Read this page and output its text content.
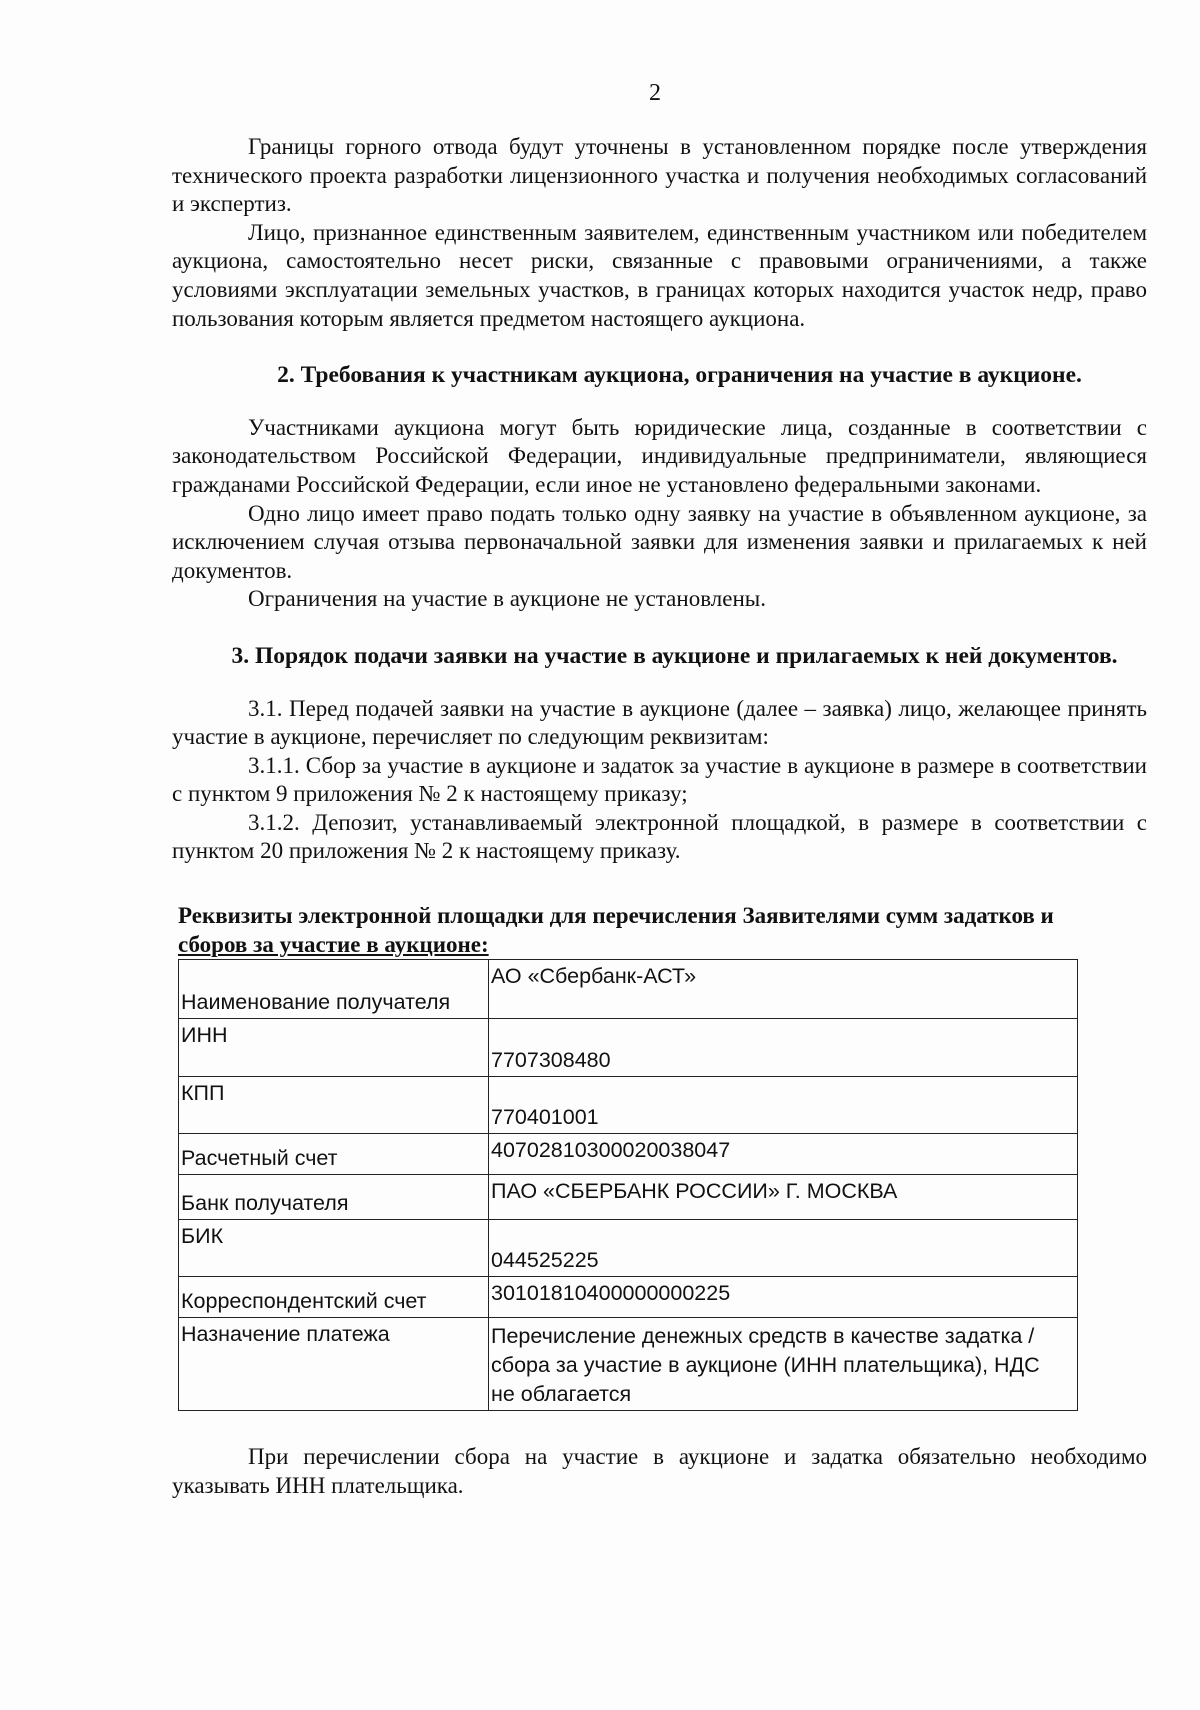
2

Границы горного отвода будут уточнены в установленном порядке после утверждения технического проекта разработки лицензионного участка и получения необходимых согласований и экспертиз.

Лицо, признанное единственным заявителем, единственным участником или победителем аукциона, самостоятельно несет риски, связанные с правовыми ограничениями, а также условиями эксплуатации земельных участков, в границах которых находится участок недр, право пользования которым является предметом настоящего аукциона.

2. Требования к участникам аукциона, ограничения на участие в аукционе.

Участниками аукциона могут быть юридические лица, созданные в соответствии с законодательством Российской Федерации, индивидуальные предприниматели, являющиеся гражданами Российской Федерации, если иное не установлено федеральными законами.

Одно лицо имеет право подать только одну заявку на участие в объявленном аукционе, за исключением случая отзыва первоначальной заявки для изменения заявки и прилагаемых к ней документов.

Ограничения на участие в аукционе не установлены.

3. Порядок подачи заявки на участие в аукционе и прилагаемых к ней документов.

3.1. Перед подачей заявки на участие в аукционе (далее – заявка) лицо, желающее принять участие в аукционе, перечисляет по следующим реквизитам:

3.1.1. Сбор за участие в аукционе и задаток за участие в аукционе в размере в соответствии с пунктом 9 приложения № 2 к настоящему приказу;

3.1.2. Депозит, устанавливаемый электронной площадкой, в размере в соответствии с пунктом 20 приложения № 2 к настоящему приказу.

Реквизиты электронной площадки для перечисления Заявителями сумм задатков и
сборов за участие в аукционе:
Наименование получателя	АО «Сбербанк-АСТ»
ИНН	7707308480
КПП	770401001
Расчетный счет	40702810300020038047
Банк получателя	ПАО «СБЕРБАНК РОССИИ» Г. МОСКВА
БИК	044525225
Корреспондентский счет	30101810400000000225
Назначение платежа	Перечисление денежных средств в качестве задатка /
сбора за участие в аукционе (ИНН плательщика), НДС
не облагается

При перечислении сбора на участие в аукционе и задатка обязательно необходимо указывать ИНН плательщика.
